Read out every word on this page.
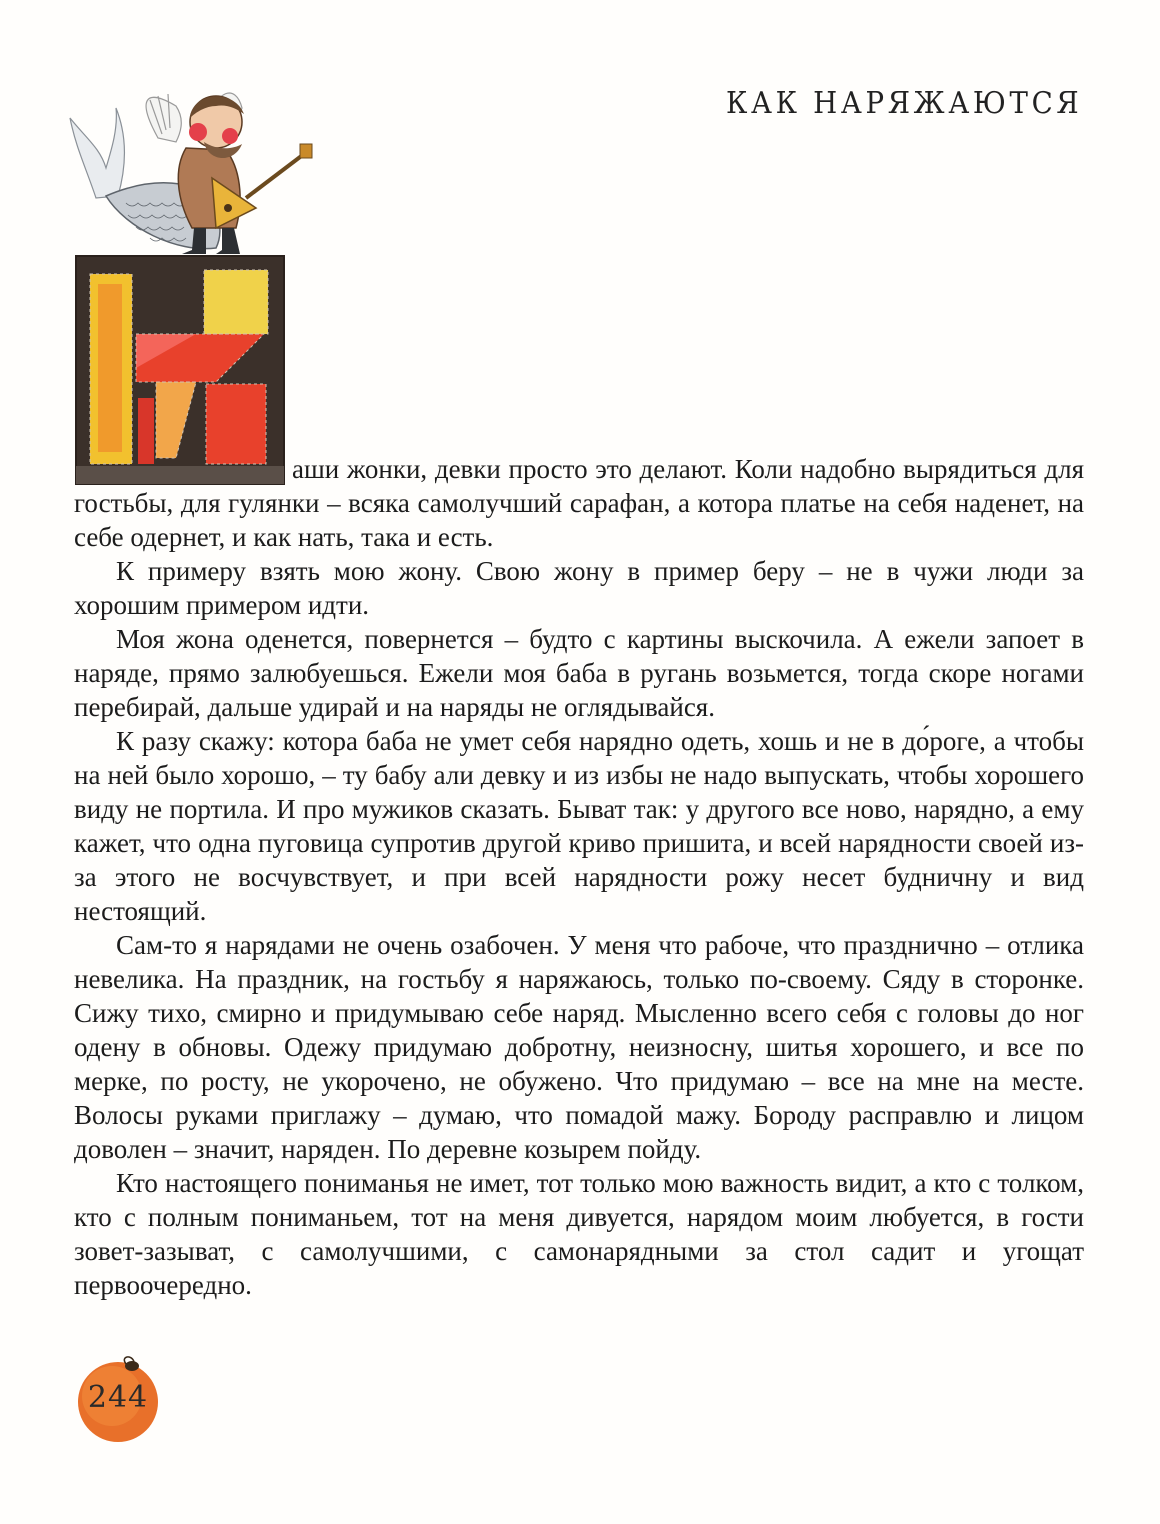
КАК НАРЯЖАЮТСЯ

аши жонки, девки просто это делают. Коли надобно вырядиться для гостьбы, для гулянки – всяка самолучший сарафан, а котора платье на себя наденет, на себе одернет, и как нать, така и есть.

К примеру взять мою жону. Свою жону в пример беру – не в чужи люди за хорошим примером идти.

Моя жона оденется, повернется – будто с картины выскочила. А ежели запоет в наряде, прямо залюбуешься. Ежели моя баба в ругань возьмется, тогда скоре ногами перебирай, дальше удирай и на наряды не оглядывайся.

К разу скажу: котора баба не умет себя нарядно одеть, хошь и не в до́роге, а чтобы на ней было хорошо, – ту бабу али девку и из избы не надо выпускать, чтобы хорошего виду не портила. И про мужиков сказать. Быват так: у другого все ново, нарядно, а ему кажет, что одна пуговица супротив другой криво пришита, и всей нарядности своей из-за этого не восчувствует, и при всей нарядности рожу несет будничну и вид нестоящий.

Сам-то я нарядами не очень озабочен. У меня что рабоче, что празднично – отлика невелика. На праздник, на гостьбу я наряжаюсь, только по-своему. Сяду в сторонке. Сижу тихо, смирно и придумываю себе наряд. Мысленно всего себя с головы до ног одену в обновы. Одежу придумаю добротну, неизносну, шитья хорошего, и все по мерке, по росту, не укорочено, не обужено. Что придумаю – все на мне на месте. Волосы руками приглажу – думаю, что помадой мажу. Бороду расправлю и лицом доволен – значит, наряден. По деревне козырем пойду.

Кто настоящего пониманья не имет, тот только мою важность видит, а кто с толком, кто с полным пониманьем, тот на меня дивуется, нарядом моим любуется, в гости зовет-зазыват, с самолучшими, с самонарядными за стол садит и угощат первоочередно.

244
